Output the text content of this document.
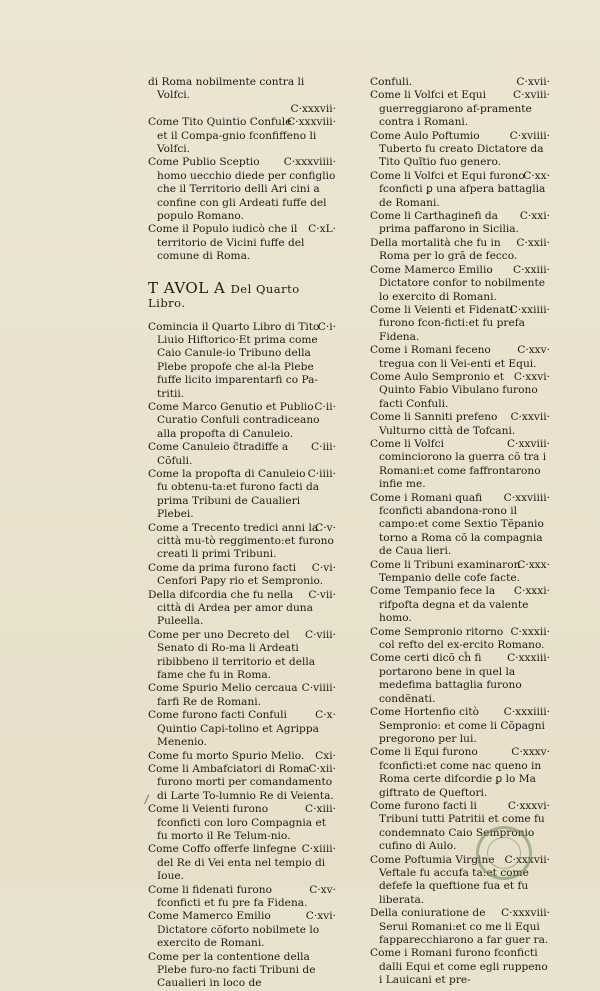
di Roma nobilmente contra li Volfci.

C·xxxvii·

C·xxxviii·
Come Tito Quintio Confule et il Compa-gnio fconfiffeno li Volfci.

C·xxxviiii·
Come Publio Sceptio homo uecchio diede per configlio che il Territorio delli Ari cini a confine con gli Ardeati fuffe del populo Romano.

C·xL·
Come il Populo iudicò che il territorio de Vicini fuffe del comune di Roma.

T AVOL A Del Quarto Libro.

C·i·
Comincia il Quarto Libro di Tito Liuio Hiftorico·Et prima come Caio Canule-io Tribuno della Plebe propofe che al-la Plebe fuffe licito imparentarfi co Pa-tritii.

C·ii·
Come Marco Genutio et Publio Curatio Confuli contradiceano alla propofta di Canuleio.

C·iii·
Come Canuleio c̃tradiffe a Cõfuli.

C·iiii·
Come la propofta di Canuleio fu obtenu-ta:et furono facti da prima Tribuni de Caualieri Plebei.

C·v·
Come a Trecento tredici anni la città mu-tò reggimento:et furono creati li primi Tribuni.

C·vi·
Come da prima furono facti Cenfori Papy rio et Sempronio.

C·vii·
Della difcordia che fu nella città di Ardea per amor duna Puleella.

C·viii·
Come per uno Decreto del Senato di Ro-ma li Ardeati ribibbeno il territorio et della fame che fu in Roma.

C·viiii·
Come Spurio Melio cercaua farfi Re de Romani.

C·x·
Come furono facti Confuli Quintio Capi-tolino et Agrippa Menenio.

Cxi·
Come fu morto Spurio Melio.

C·xii·
Come li Ambafciatori di Roma furono morti per comandamento di Larte To-lumnio Re di Veienta.

C·xiii·
Come li Veienti furono fconficti con loro Compagnia et fu morto il Re Telum-nio.

C·xiiii·
Come Coffo offerfe linfegne del Re di Vei enta nel tempio di Ioue.

C·xv·
Come li fidenati furono fconficti et fu pre fa Fidena.

C·xvi·
Come Mamerco Emilio Dictatore cõforto nobilmete lo exercito de Romani.

Come per la contentione della Plebe furo-no facti Tribuni de Caualieri in loco de

C·xvii·
Confuli.

C·xviii·
Come li Volfci et Equi guerreggiarono af-pramente contra i Romani.

C·xviiii·
Come Aulo Poftumio Tuberto fu creato Dictatore da Tito Quĩtio fuo genero.

C·xx·
Come li Volfci et Equi furono fconficti ꝑ una afpera battaglia de Romani.

C·xxi·
Come li Carthaginefi da prima paffarono in Sicilia.

C·xxii·
Della mortalità che fu in Roma per lo grã de fecco.

C·xxiii·
Come Mamerco Emilio Dictatore confor to nobilmente lo exercito di Romani.

C·xxiiii·
Come li Veienti et Fidenati furono fcon-ficti:et fu prefa Fidena.

C·xxv·
Come i Romani feceno tregua con li Vei-enti et Equi.

C·xxvi·
Come Aulo Sempronio et Quinto Fabio Vibulano furono facti Confuli.

C·xxvii·
Come li Sanniti prefeno Vulturno città de Tofcani.

C·xxviii·
Come li Volfci cominciorono la guerra cõ tra i Romani:et come faffrontarono infie me.

C·xxviiii·
Come i Romani quafi fconficti abandona-rono il campo:et come Sextio Tẽpanio torno a Roma cõ la compagnia de Caua lieri.

C·xxx·
Come li Tribuni examinaron Tempanio delle cofe facte.

C·xxxi·
Come Tempanio fece la rifpofta degna et da valente homo.

C·xxxii·
Come Sempronio ritorno col refto del ex-ercito Romano.

C·xxxiii·
Come certi dicõ cĥ fi portarono bene in quel la medefima battaglia furono condẽnati.

C·xxxiiii·
Come Hortenfio citò Sempronio: et come li Cõpagni pregorono per lui.

C·xxxv·
Come li Equi furono fconficti:et come nac queno in Roma certe difcordie ꝑ lo Ma giftrato de Queftori.

C·xxxvi·
Come furono facti li Tribuni tutti Patritii et come fu condemnato Caio Sempronio cufino di Aulo.

C·xxxvii·
Come Poftumia Virgine Veftale fu accufa ta:et come defefe la queftione fua et fu liberata.

C·xxxviii·
Della coniuratione de Serui Romani:et co me li Equi fapparecchiarono a far guer ra.

Come i Romani furono fconficti dalli Equi et come egli ruppeno i Lauicani et pre-
